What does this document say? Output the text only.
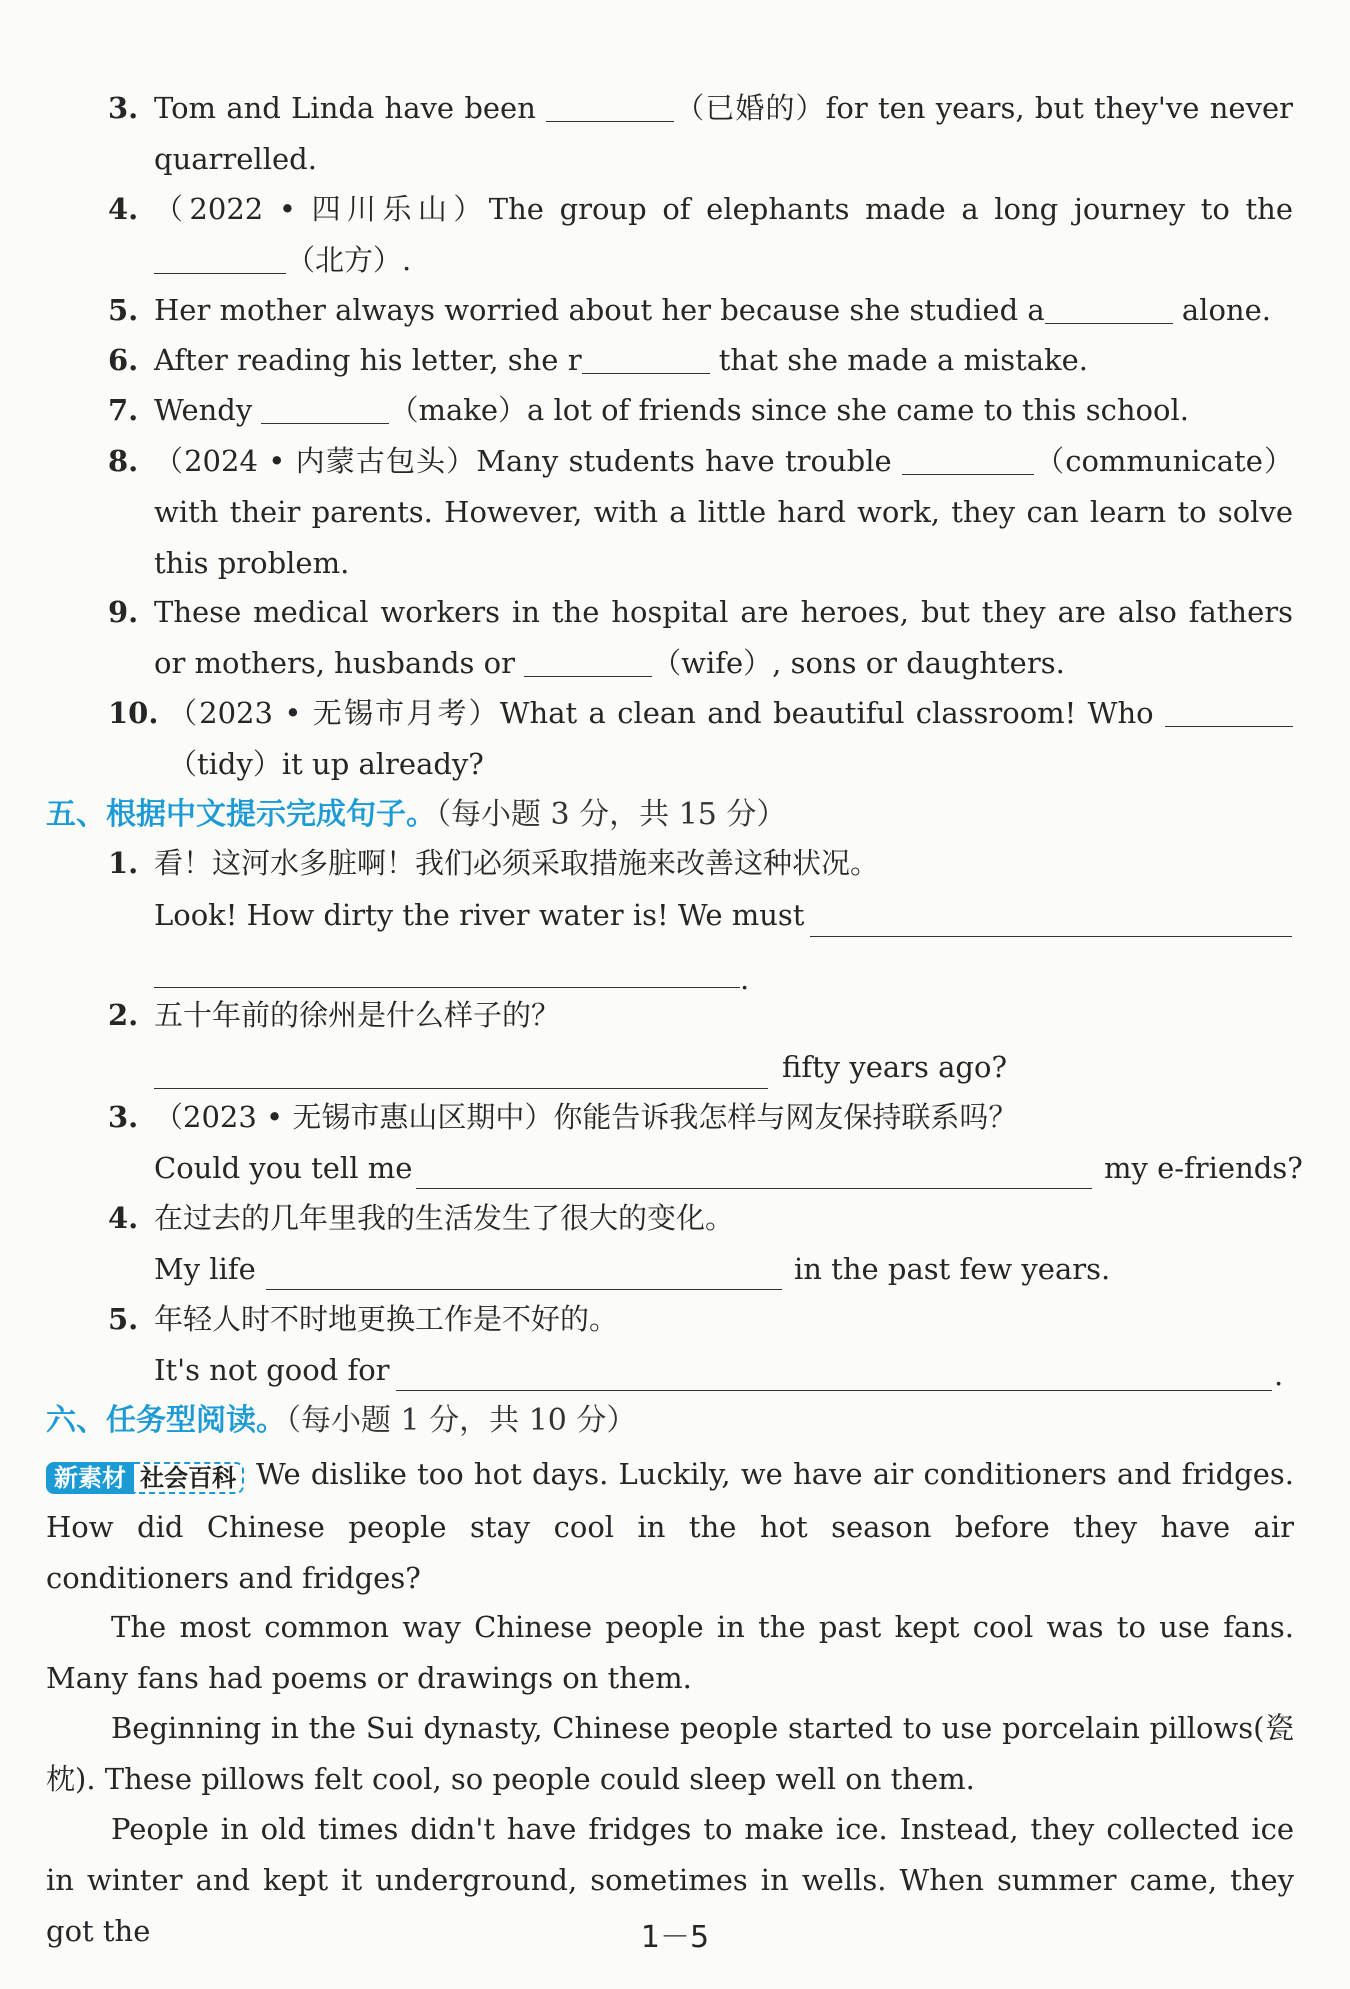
3. Tom and Linda have been	（已婚的）for ten years, but they've never quarrelled.
4. （2022 • 四川乐山）The group of elephants made a long journey to the （北方）.
5. Her mother always worried about her because she studied a	alone.
6. After reading his letter, she r	that she made a mistake.
7. Wendy	（make）a lot of friends since she came to this school.
8. （2024 • 内蒙古包头）Many students have trouble	（communicate）with their parents. However, with a little hard work, they can learn to solve this problem.
9. These medical workers in the hospital are heroes, but they are also fathers or mothers, husbands or	（wife）, sons or daughters.
10. （2023 • 无锡市月考）What a clean and beautiful classroom! Who （tidy）it up already?
五、根据中文提示完成句子。（每小题 3 分，共 15 分）
1. 看！这河水多脏啊！我们必须采取措施来改善这种状况。
Look! How dirty the river water is! We must
.
2. 五十年前的徐州是什么样子的？
fifty years ago?
3. （2023 • 无锡市惠山区期中）你能告诉我怎样与网友保持联系吗？
Could you tell me	my e-friends?
4. 在过去的几年里我的生活发生了很大的变化。
My life	in the past few years.
5. 年轻人时不时地更换工作是不好的。
It's not good for	.
六、任务型阅读。（每小题 1 分，共 10 分）
新素材 社会百科 We dislike too hot days. Luckily, we have air conditioners and fridges. How did Chinese people stay cool in the hot season before they have air conditioners and fridges?
The most common way Chinese people in the past kept cool was to use fans. Many fans had poems or drawings on them.
Beginning in the Sui dynasty, Chinese people started to use porcelain pillows(瓷枕). These pillows felt cool, so people could sleep well on them.
People in old times didn't have fridges to make ice. Instead, they collected ice in winter and kept it underground, sometimes in wells. When summer came, they got the	1－5
